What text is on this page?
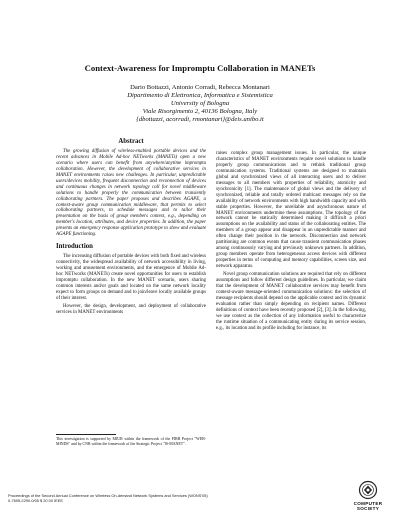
Context-Awareness for Impromptu Collaboration in MANETs
Dario Bottazzi, Antonio Corradi, Rebecca Montanari
Dipartimento di Elettronica, Informatica e Sistemistica
University of Bologna
Viale Risorgimento 2, 40136 Bologna, Italy
{dbottazzi, acorradi, rmontanari}@deis.unibo.it
Abstract

The growing diffusion of wireless-enabled portable devices and the recent advances in Mobile Ad-hoc NETworks (MANETs) open a new scenario where users can benefit from anywhere/anytime impromptu collaboration. However, the development of collaborative services in MANET environments raises new challenges. In particular, unpredictable users/devices mobility, frequent disconnection and reconnection of devices and continuous changes in network topology call for novel middleware solutions to handle properly the communication between transiently collaborating partners. The paper proposes and describes AGAPE, a context-aware group communication middleware, that permits to select collaborating partners, to schedule messages and to tailor their presentation on the basis of group members context, e.g., depending on member's location, attributes, and device properties. In addition, the paper presents an emergency response application prototype to show and evaluate AGAPE functioning.

Introduction

The increasing diffusion of portable devices with both fixed and wireless connectivity, the widespread availability of network accessibility in living, working and amusement environments, and the emergence of Mobile Ad-hoc NETworks (MANETs) create novel opportunities for users to establish impromptu collaboration. In the new MANET scenario, users sharing common interests and/or goals and located on the same network locality expect to form groups on demand and to join/leave locally available groups of their interest.

However, the design, development, and deployment of collaborative services in MANET environments

raises complex group management issues. In particular, the unique characteristics of MANET environments require novel solutions to handle properly group communications and to rethink traditional group communication systems. Traditional systems are designed to maintain global and synchronized views of all interacting users and to deliver messages to all members with properties of reliability, atomicity and synchronicity [1]. The maintenance of global views and the delivery of synchronized, reliable and totally ordered multicast messages rely on the availability of network environments with high bandwidth capacity and with stable properties. However, the unreliable and asynchronous nature of MANET environments undermine these assumptions. The topology of the network cannot be statically determined making it difficult a priori assumptions on the availability and status of the collaborating entities. The members of a group appear and disappear in an unpredictable manner and often change their position in the network. Disconnection and network partitioning are common events that cause transient communication phases among continuously varying and previously unknown partners. In addition, group members operate from heterogeneous access devices with different properties in terms of computing and memory capabilities, screen size, and network apparatus.

Novel group communication solutions are required that rely on different assumptions and follow different design guidelines. In particular, we claim that the development of MANET collaborative services may benefit from context-aware message-oriented communication solutions: the selection of message recipients should depend on the applicable context and its dynamic evaluation rather than simply depending on recipient names. Different definitions of context have been recently proposed [2], [3]. In the following, we use context as the collection of any information useful to characterize the runtime situation of a communicating entity during its service session, e.g., its location and its profile including for instance, its

This investigation is supported by MIUR within the framework of the FIRB Project "WEB-MINDS" and by CNR within the framework of the Strategic Project "IS-MANET".
Proceedings of the Second Annual Conference on Wireless On-demand Network Systems and Services (WONS'05)
0-7695-2290-0/05 $ 20.00 IEEE
COMPUTER
SOCIETY
